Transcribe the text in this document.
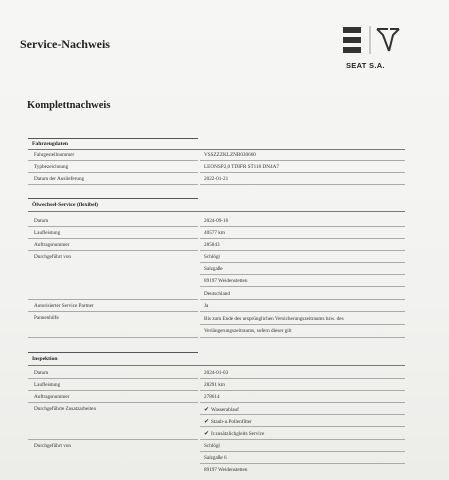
Service-Nachweis
SEAT S.A.
Komplettnachweis
Fahrzeugdaten
Fahrgestellnummer	VSSZZZKLZNB030660
Typbezeichnung	LEONSP2,0 TDIFR ST110 DN4A7
Datum der Auslieferung	2022-01-21
Ölwechsel-Service (flexibel)
Datum	2024-09-16
Laufleistung	40577 km
Auftragsnummer	285843
Durchgeführt von	Schlögl
Salzgaße
89197 Weidenstetten
Deutschland
Autorisierter Service Partner	Ja
Pannenhilfe	Bis zum Ende des ursprünglichen Versicherungszeitraums bzw. des
Verlängerungszeitraums, sofern dieser gilt
Inspektion
Datum	2024-01-03
Laufleistung	28291 km
Auftragsnummer	278614
Durchgeführte Zusatzarbeiten	✔ Wasserablauf
✔ Staub-u.Pollenfilter
✔ Ir.zusätzlichgleits Service
Durchgeführt von	Schlögl
Salzgaße 6
89197 Weidenstetten
